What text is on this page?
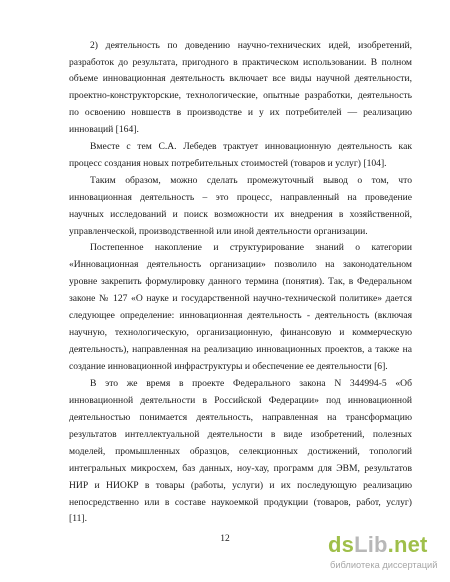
2) деятельность по доведению научно-технических идей, изобретений,
разработок до результата, пригодного в практическом использовании. В полном
объеме инновационная деятельность включает все виды научной деятельности,
проектно-конструкторские, технологические, опытные разработки, деятельность
по освоению новшеств в производстве и у их потребителей — реализацию
инноваций [164].
Вместе с тем С.А. Лебедев трактует инновационную деятельность как
процесс создания новых потребительных стоимостей (товаров и услуг) [104].
Таким образом, можно сделать промежуточный вывод о том, что
инновационная деятельность – это процесс, направленный на проведение
научных исследований и поиск возможности их внедрения в хозяйственной,
управленческой, производственной или иной деятельности организации.
Постепенное накопление и структурирование знаний о категории
«Инновационная деятельность организации» позволило на законодательном
уровне закрепить формулировку данного термина (понятия). Так, в Федеральном
законе № 127 «О науке и государственной научно-технической политике» дается
следующее определение: инновационная деятельность - деятельность (включая
научную, технологическую, организационную, финансовую и коммерческую
деятельность), направленная на реализацию инновационных проектов, а также на
создание инновационной инфраструктуры и обеспечение ее деятельности [6].
В это же время в проекте Федерального закона N 344994-5 «Об
инновационной деятельности в Российской Федерации» под инновационной
деятельностью понимается деятельность, направленная на трансформацию
результатов интеллектуальной деятельности в виде изобретений, полезных
моделей, промышленных образцов, селекционных достижений, топологий
интегральных микросхем, баз данных, ноу-хау, программ для ЭВМ, результатов
НИР и НИОКР в товары (работы, услуги) и их последующую реализацию
непосредственно или в составе наукоемкой продукции (товаров, работ, услуг)
[11].
12	dsLib.net
библиотека диссертаций
